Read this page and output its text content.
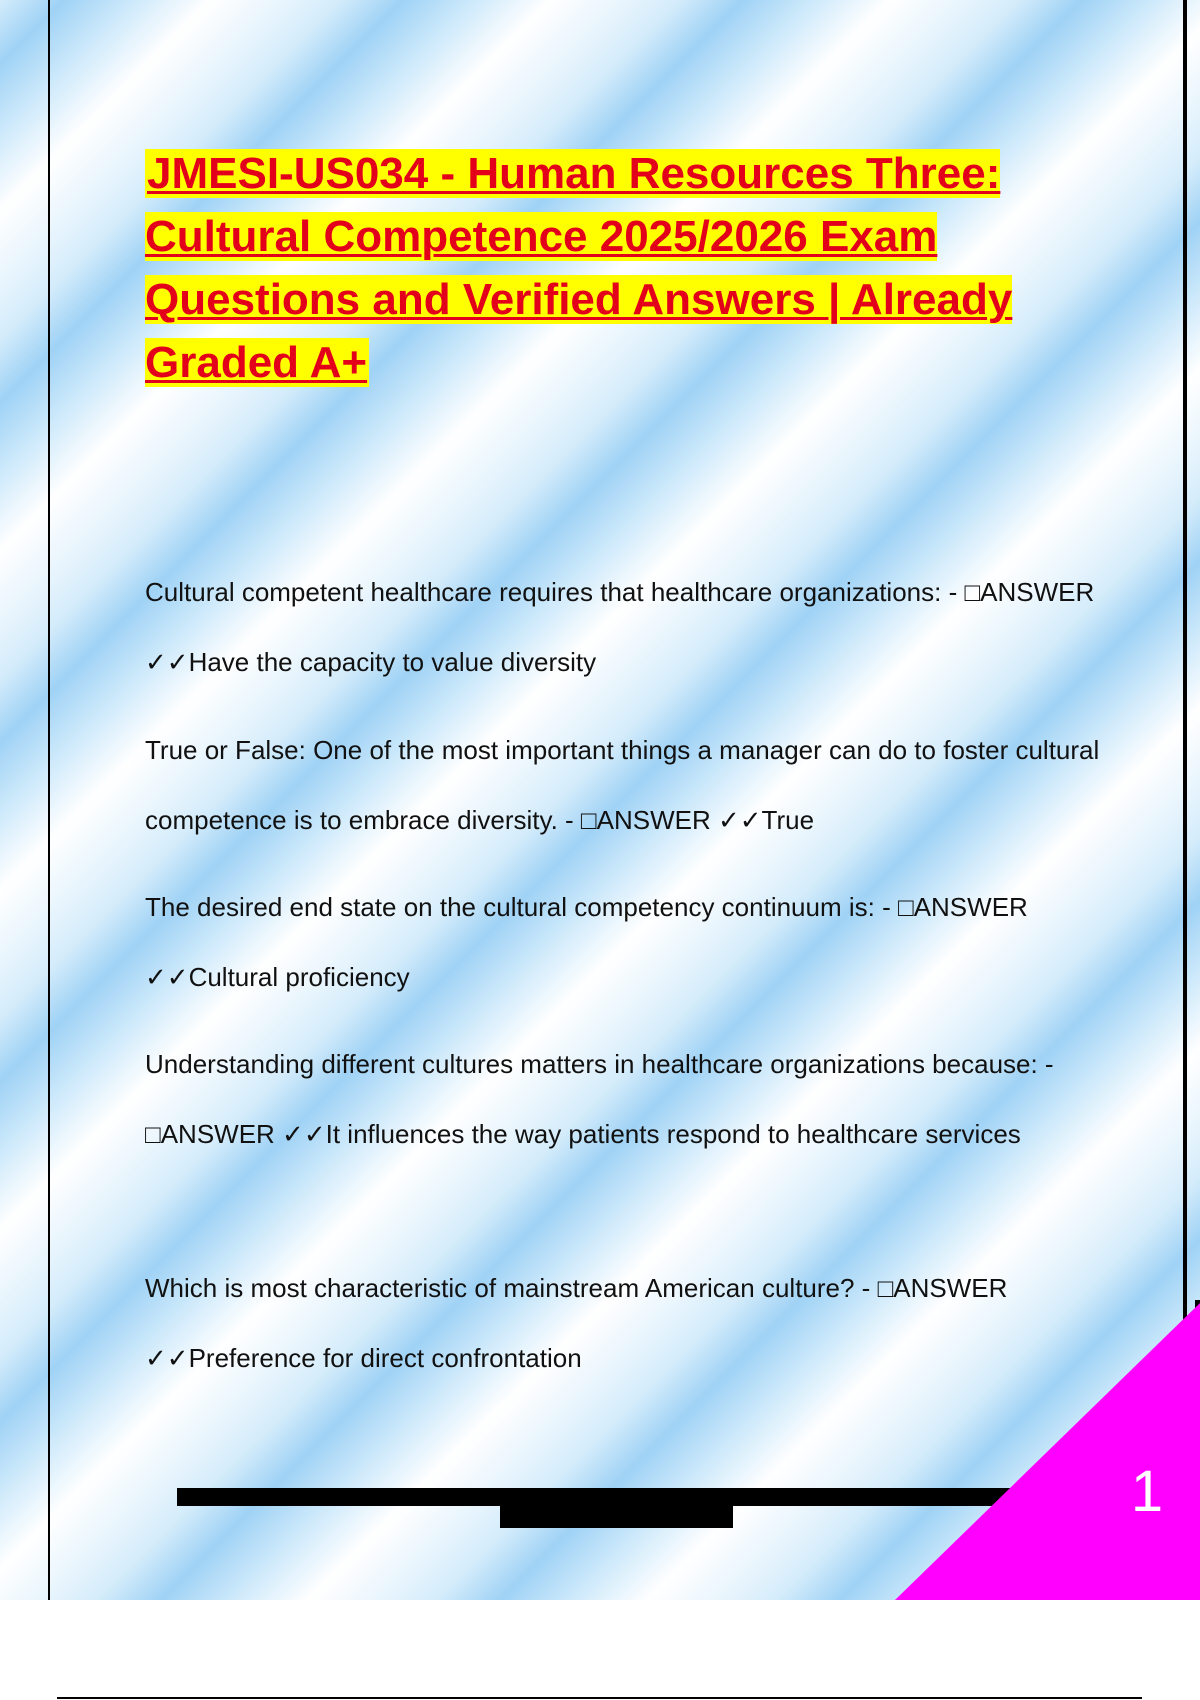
JMESI-US034 - Human Resources Three: Cultural Competence 2025/2026 Exam Questions and Verified Answers | Already Graded A+

Cultural competent healthcare requires that healthcare organizations: - □ANSWER ✓✓Have the capacity to value diversity

True or False: One of the most important things a manager can do to foster cultural competence is to embrace diversity. - □ANSWER ✓✓True

The desired end state on the cultural competency continuum is: - □ANSWER ✓✓Cultural proficiency

Understanding different cultures matters in healthcare organizations because: - □ANSWER ✓✓It influences the way patients respond to healthcare services

Which is most characteristic of mainstream American culture? - □ANSWER ✓✓Preference for direct confrontation

1
